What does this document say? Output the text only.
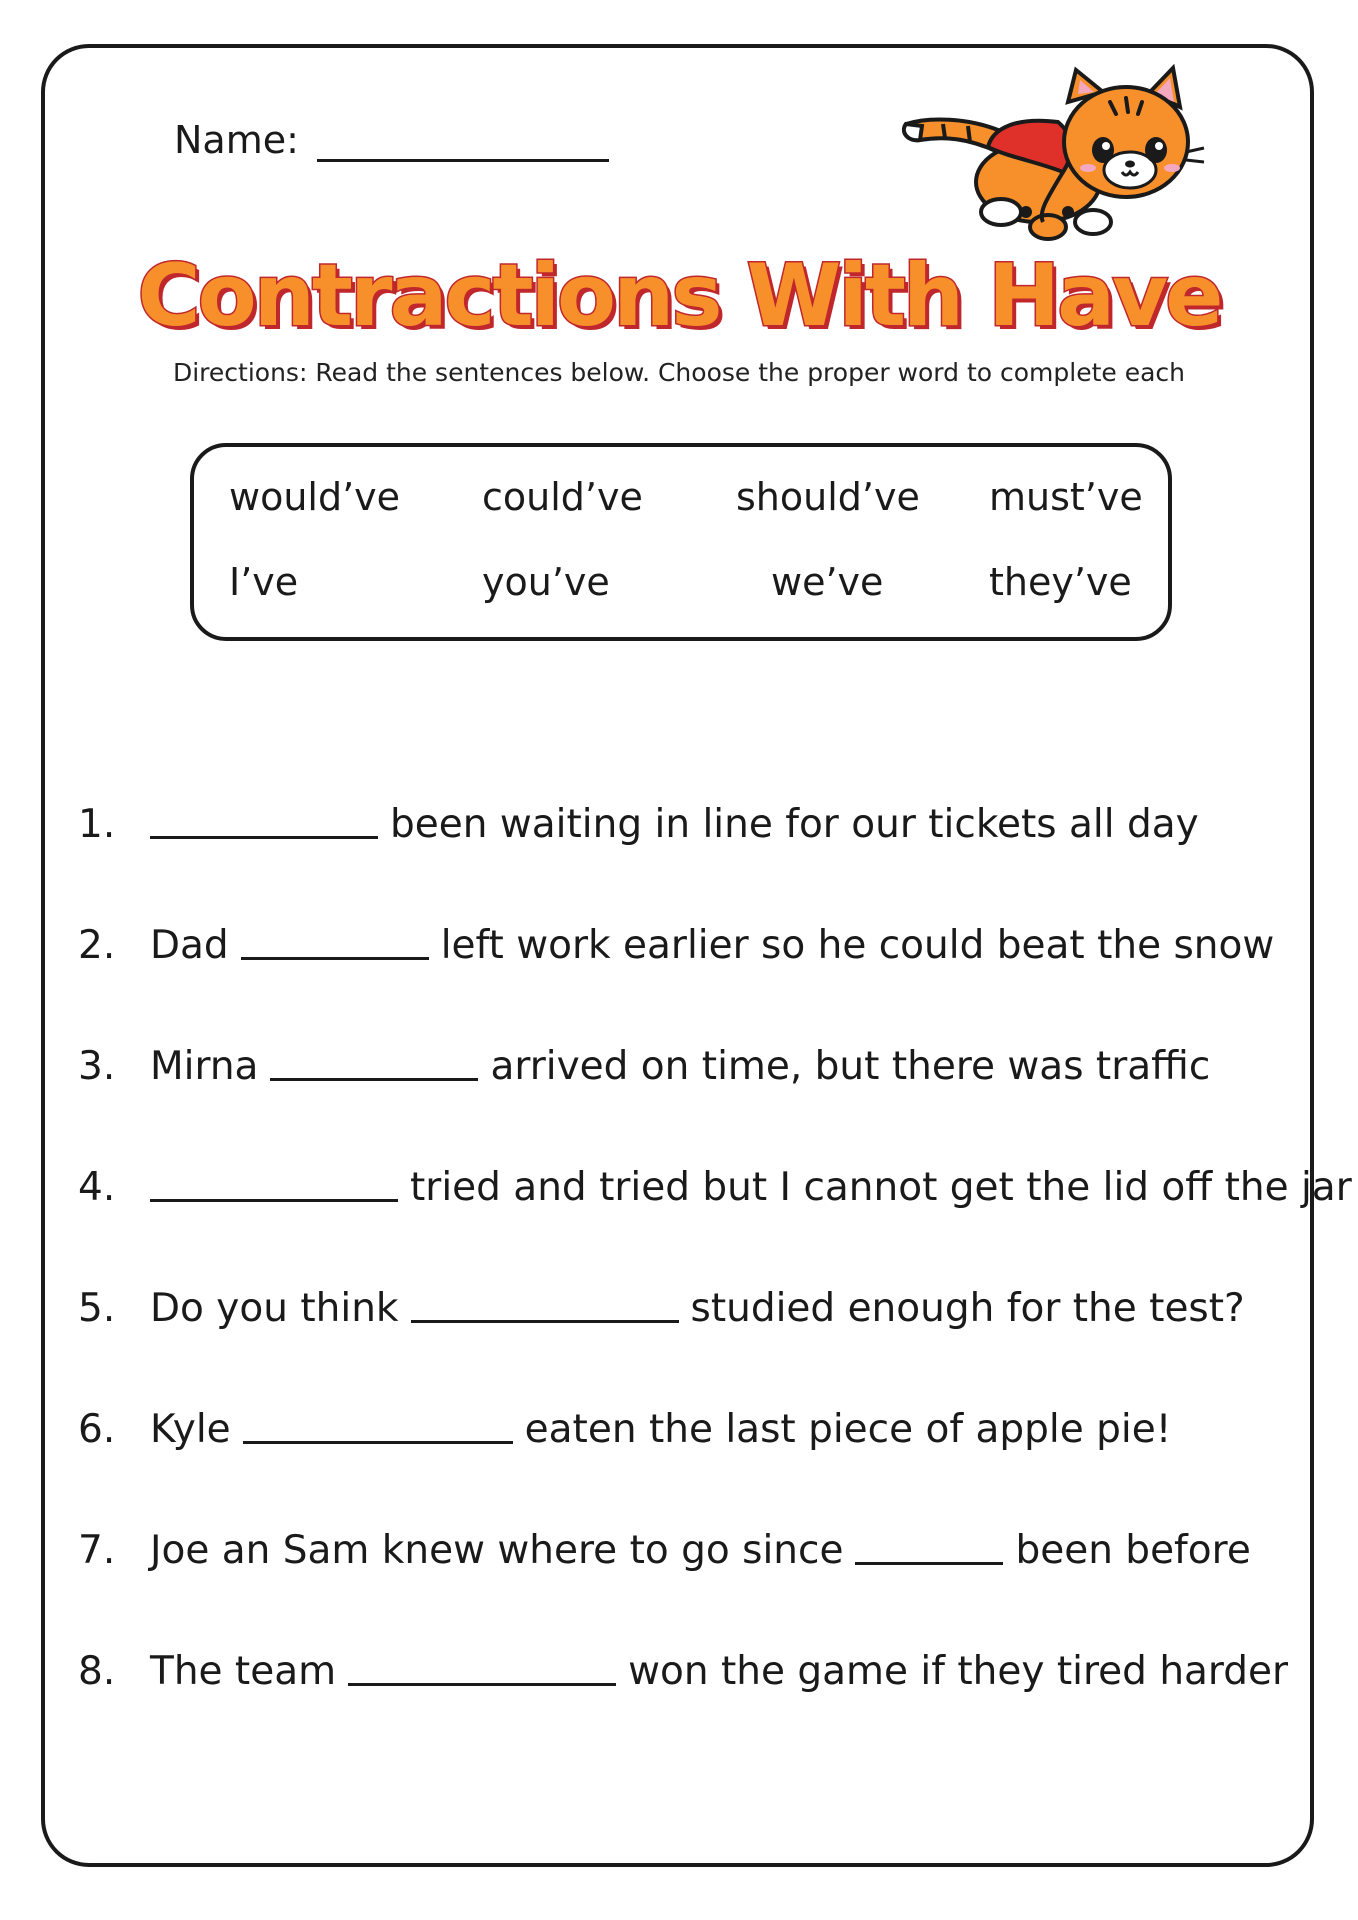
Name:
Contractions With Have
Directions: Read the sentences below. Choose the proper word to complete each
would’ve could’ve should’ve must’ve
I’ve	you’ve	we’ve	they’ve
1.	been waiting in line for our tickets all day
2. Dad	left work earlier so he could beat the snow
3. Mirna	arrived on time, but there was traffic
4.	tried and tried but I cannot get the lid off the jar
5. Do you think	studied enough for the test?
6. Kyle	eaten the last piece of apple pie!
7. Joe an Sam knew where to go since	been before
8. The team	won the game if they tired harder
